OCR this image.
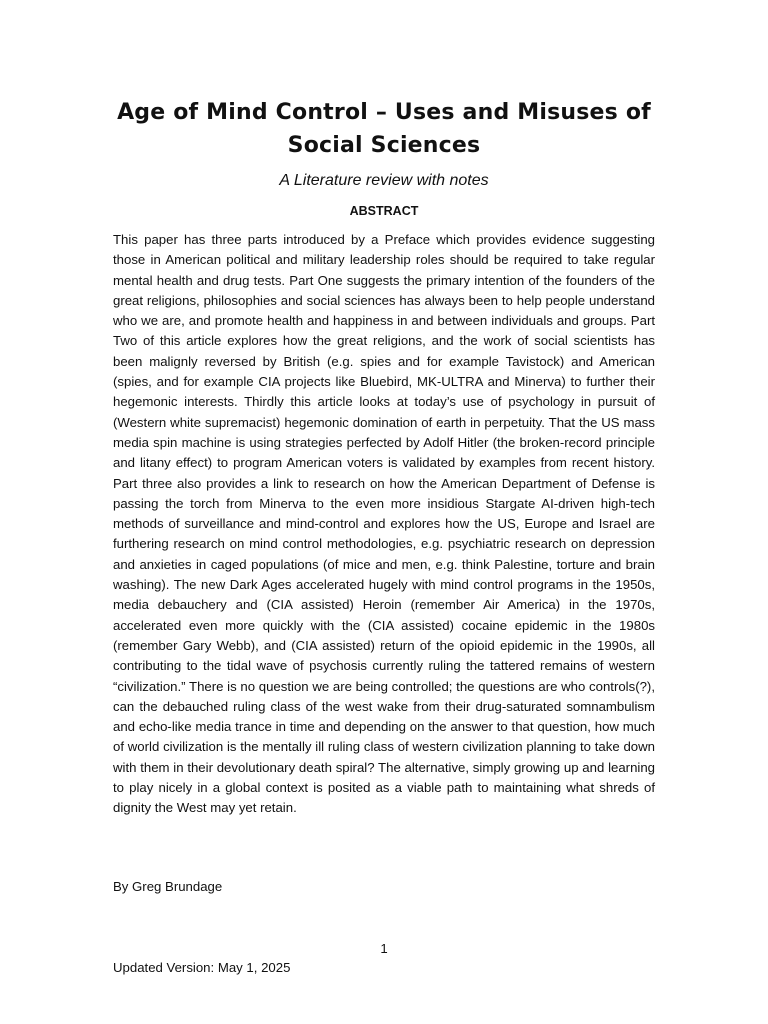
Age of Mind Control – Uses and Misuses of
Social Sciences
A Literature review with notes
ABSTRACT

This paper has three parts introduced by a Preface which provides evidence suggesting those in American political and military leadership roles should be required to take regular mental health and drug tests. Part One suggests the primary intention of the founders of the great religions, philosophies and social sciences has always been to help people understand who we are, and promote health and happiness in and between individuals and groups. Part Two of this article explores how the great religions, and the work of social scientists has been malignly reversed by British (e.g. spies and for example Tavistock) and American (spies, and for example CIA projects like Bluebird, MK-ULTRA and Minerva) to further their hegemonic interests. Thirdly this article looks at today’s use of psychology in pursuit of (Western white supremacist) hegemonic domination of earth in perpetuity. That the US mass media spin machine is using strategies perfected by Adolf Hitler (the broken-record principle and litany effect) to program American voters is validated by examples from recent history. Part three also provides a link to research on how the American Department of Defense is passing the torch from Minerva to the even more insidious Stargate AI-driven high-tech methods of surveillance and mind-control and explores how the US, Europe and Israel are furthering research on mind control methodologies, e.g. psychiatric research on depression and anxieties in caged populations (of mice and men, e.g. think Palestine, torture and brain washing). The new Dark Ages accelerated hugely with mind control programs in the 1950s, media debauchery and (CIA assisted) Heroin (remember Air America) in the 1970s, accelerated even more quickly with the (CIA assisted) cocaine epidemic in the 1980s (remember Gary Webb), and (CIA assisted) return of the opioid epidemic in the 1990s, all contributing to the tidal wave of psychosis currently ruling the tattered remains of western “civilization.” There is no question we are being controlled; the questions are who controls(?), can the debauched ruling class of the west wake from their drug-saturated somnambulism and echo-like media trance in time and depending on the answer to that question, how much of world civilization is the mentally ill ruling class of western civilization planning to take down with them in their devolutionary death spiral? The alternative, simply growing up and learning to play nicely in a global context is posited as a viable path to maintaining what shreds of dignity the West may yet retain.

By Greg Brundage
1
Updated Version: May 1, 2025
